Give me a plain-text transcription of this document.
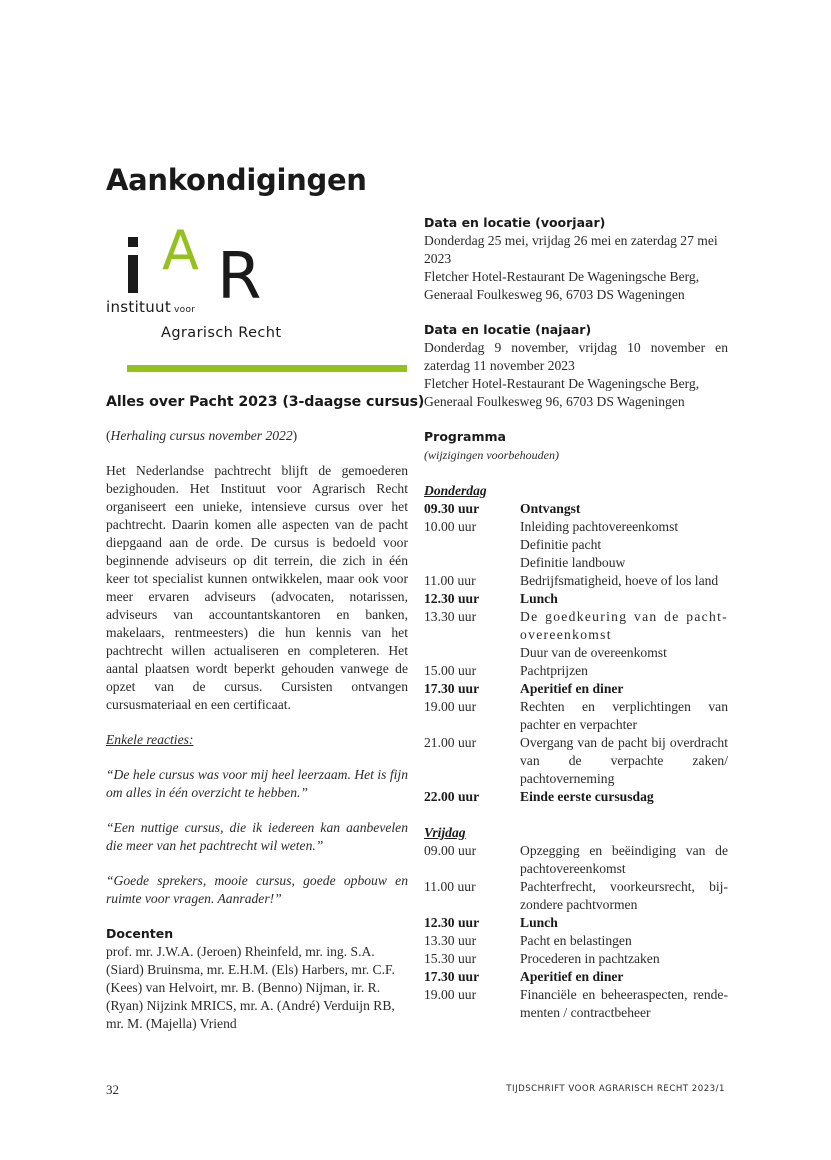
Aankondigingen
A R
instituut voor
Agrarisch Recht
Alles over Pacht 2023 (3-daagse cursus)

(Herhaling cursus november 2022)

Het Nederlandse pachtrecht blijft de gemoederen bezighouden. Het Instituut voor Agrarisch Recht organiseert een unieke, intensieve cursus over het pachtrecht. Daarin komen alle aspecten van de pacht diepgaand aan de orde. De cursus is bedoeld voor beginnende adviseurs op dit terrein, die zich in één keer tot specialist kunnen ontwikkelen, maar ook voor meer ervaren adviseurs (advocaten, notarissen, adviseurs van accountantskantoren en banken, makelaars, rentmeesters) die hun kennis van het pachtrecht willen actualiseren en completeren. Het aantal plaatsen wordt beperkt gehouden vanwege de opzet van de cursus. Cursisten ontvangen cursusmateriaal en een certificaat.

Enkele reacties:

“De hele cursus was voor mij heel leerzaam. Het is fijn om alles in één overzicht te hebben.”

“Een nuttige cursus, die ik iedereen kan aanbevelen die meer van het pachtrecht wil weten.”

“Goede sprekers, mooie cursus, goede opbouw en ruimte voor vragen. Aanrader!”

Docenten

prof. mr. J.W.A. (Jeroen) Rheinfeld, mr. ing. S.A. (Siard) Bruinsma, mr. E.H.M. (Els) Harbers, mr. C.F. (Kees) van Helvoirt, mr. B. (Benno) Nijman, ir. R. (Ryan) Nijzink MRICS, mr. A. (André) Verduijn RB, mr. M. (Majella) Vriend

Data en locatie (voorjaar)

Donderdag 25 mei, vrijdag 26 mei en zaterdag 27 mei 2023

Fletcher Hotel-Restaurant De Wageningsche Berg, Generaal Foulkesweg 96, 6703 DS Wageningen

Data en locatie (najaar)

Donderdag 9 november, vrijdag 10 november en zaterdag 11 november 2023

Fletcher Hotel-Restaurant De Wageningsche Berg, Generaal Foulkesweg 96, 6703 DS Wageningen

Programma

(wijzigingen voorbehouden)

Donderdag
09.30 uur	Ontvangst
10.00 uur	Inleiding pachtovereenkomst
Definitie pacht
Definitie landbouw
11.00 uur	Bedrijfsmatigheid, hoeve of los land
12.30 uur	Lunch
13.30 uur	De goedkeuring van de pacht-overeenkomst
Duur van de overeenkomst
15.00 uur	Pachtprijzen
17.30 uur	Aperitief en diner
19.00 uur	Rechten en verplichtingen van pachter en verpachter
21.00 uur	Overgang van de pacht bij overdracht van de verpachte zaken/ pachtoverneming
22.00 uur	Einde eerste cursusdag
Vrijdag
09.00 uur	Opzegging en beëindiging van de pachtovereenkomst
11.00 uur	Pachterfrecht, voorkeursrecht, bij-zondere pachtvormen
12.30 uur	Lunch
13.30 uur	Pacht en belastingen
15.30 uur	Procederen in pachtzaken
17.30 uur	Aperitief en diner
19.00 uur	Financiële en beheeraspecten, rende-menten / contractbeheer
32	TIJDSCHRIFT VOOR AGRARISCH RECHT 2023/1
